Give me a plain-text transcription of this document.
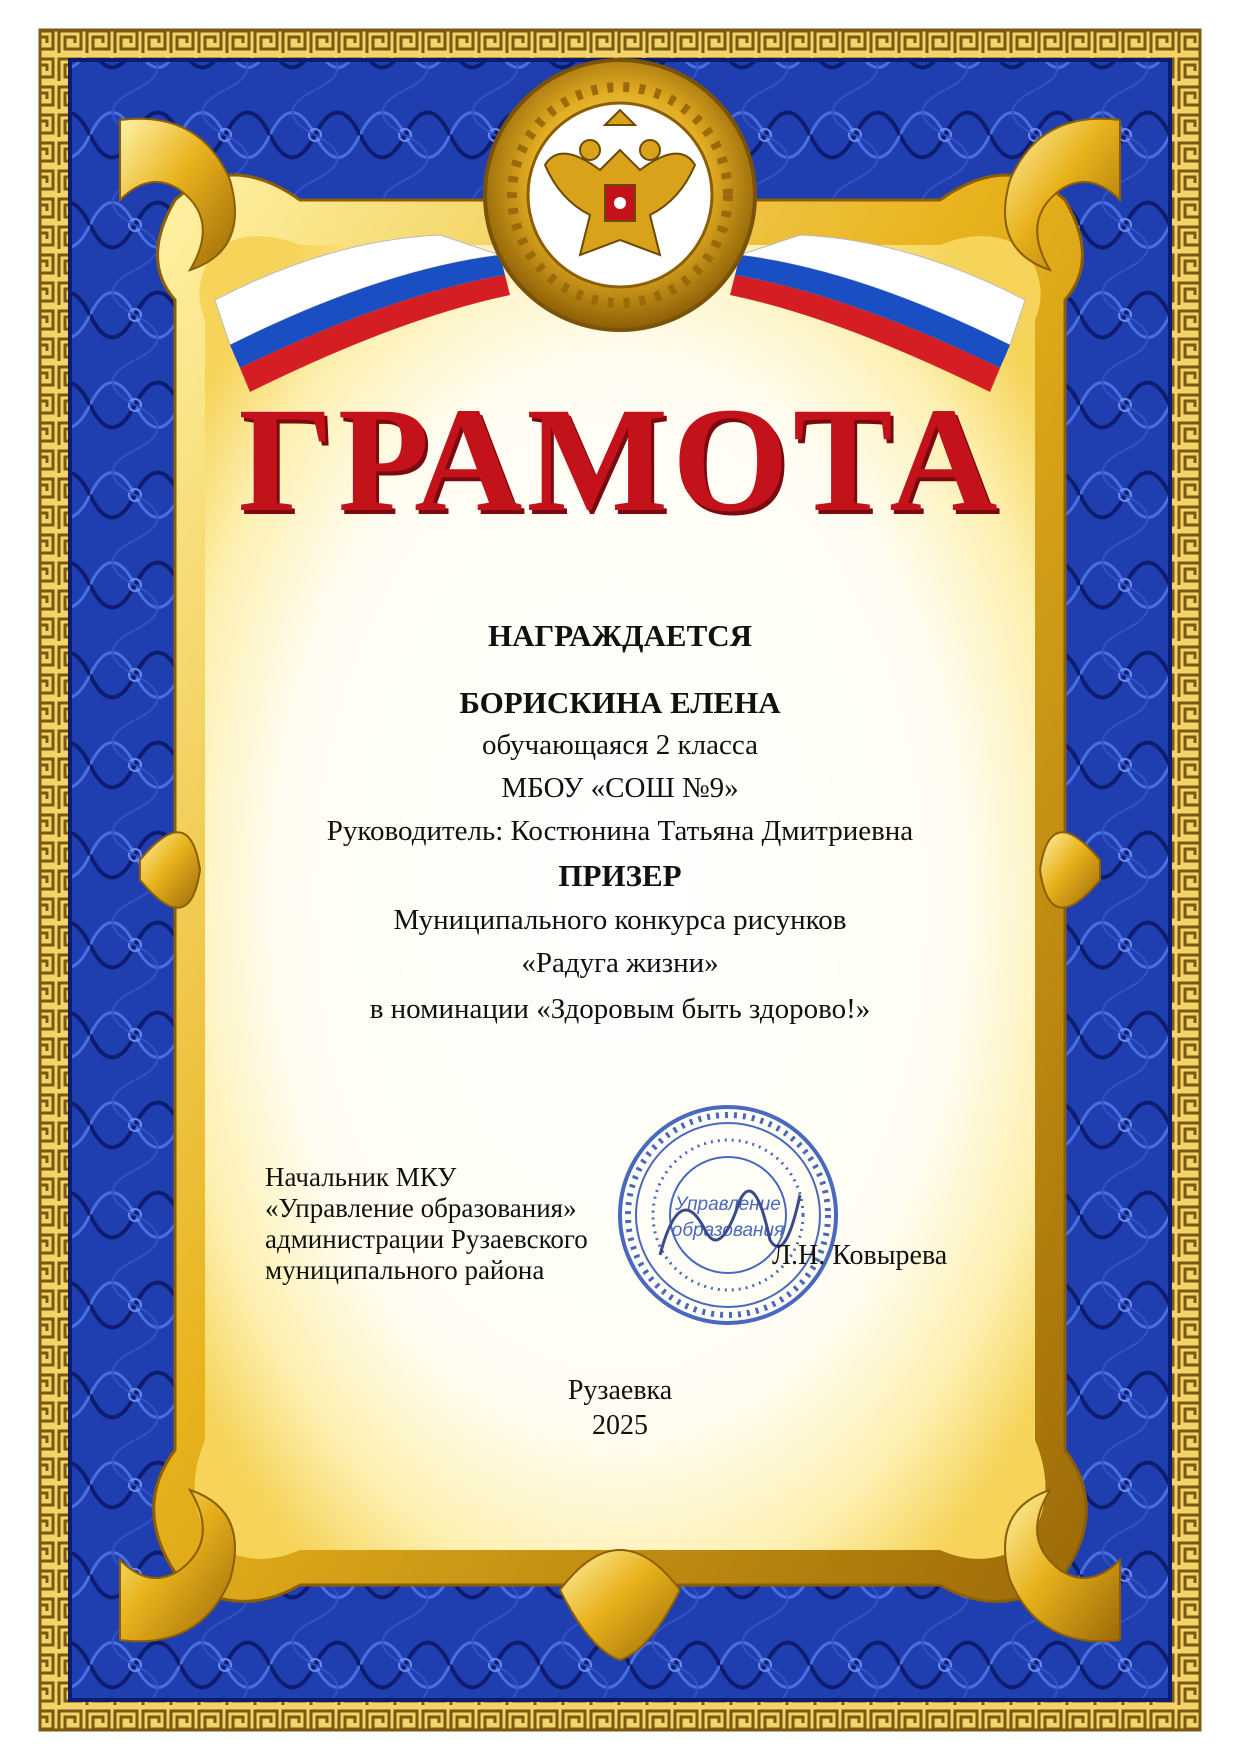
Управление
образования
ГРАМОТА
НАГРАЖДАЕТСЯ
БОРИСКИНА ЕЛЕНА
обучающаяся 2 класса
МБОУ «СОШ №9»
Руководитель: Костюнина Татьяна Дмитриевна
ПРИЗЕР
Муниципального конкурса рисунков
«Радуга жизни»
в номинации «Здоровым быть здорово!»
Начальник МКУ
«Управление образования»
администрации Рузаевского
муниципального района	Л.Н. Ковырева
Рузаевка
2025
